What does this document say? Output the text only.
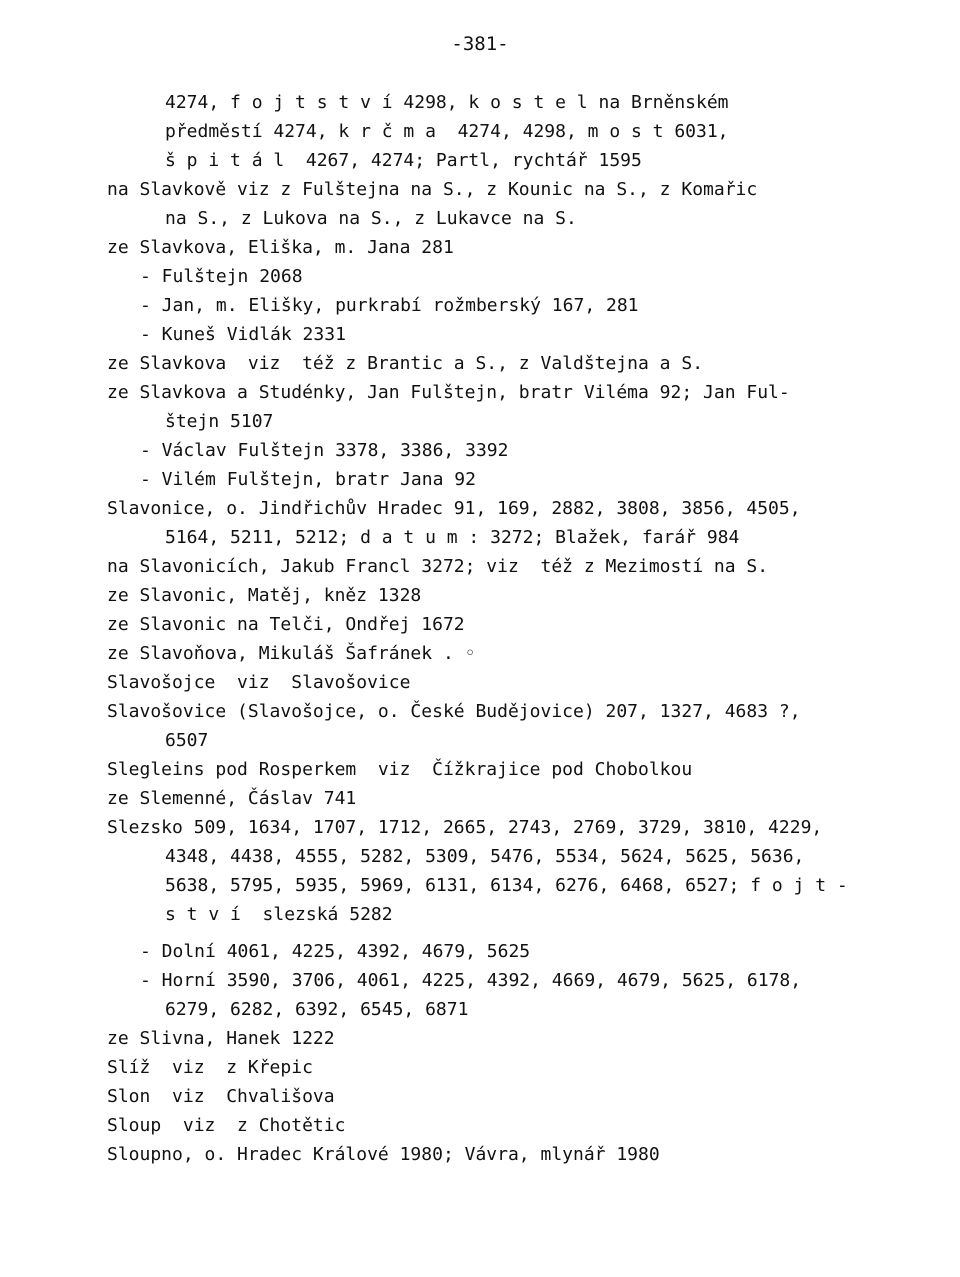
-381-
4274, f o j t s t v í 4298, k o s t e l na Brněnském
předměstí 4274, k r č m a  4274, 4298, m o s t 6031,
š p i t á l  4267, 4274; Partl, rychtář 1595
na Slavkově viz z Fulštejna na S., z Kounic na S., z Komařic
na S., z Lukova na S., z Lukavce na S.
ze Slavkova, Eliška, m. Jana 281
- Fulštejn 2068
- Jan, m. Elišky, purkrabí rožmberský 167, 281
- Kuneš Vidlák 2331
ze Slavkova  viz  též z Brantic a S., z Valdštejna a S.
ze Slavkova a Studénky, Jan Fulštejn, bratr Viléma 92; Jan Ful-
štejn 5107
- Václav Fulštejn 3378, 3386, 3392
- Vilém Fulštejn, bratr Jana 92
Slavonice, o. Jindřichův Hradec 91, 169, 2882, 3808, 3856, 4505,
5164, 5211, 5212; d a t u m : 3272; Blažek, farář 984
na Slavonicích, Jakub Francl 3272; viz  též z Mezimostí na S.
ze Slavonic, Matěj, kněz 1328
ze Slavonic na Telči, Ondřej 1672
ze Slavoňova, Mikuláš Šafránek . ◦
Slavošojce  viz  Slavošovice
Slavošovice (Slavošojce, o. České Budějovice) 207, 1327, 4683 ?,
6507
Slegleins pod Rosperkem  viz  Čížkrajice pod Chobolkou
ze Slemenné, Čáslav 741
Slezsko 509, 1634, 1707, 1712, 2665, 2743, 2769, 3729, 3810, 4229,
4348, 4438, 4555, 5282, 5309, 5476, 5534, 5624, 5625, 5636,
5638, 5795, 5935, 5969, 6131, 6134, 6276, 6468, 6527; f o j t -
s t v í  slezská 5282
- Dolní 4061, 4225, 4392, 4679, 5625
- Horní 3590, 3706, 4061, 4225, 4392, 4669, 4679, 5625, 6178,
6279, 6282, 6392, 6545, 6871
ze Slivna, Hanek 1222
Slíž  viz  z Křepic
Slon  viz  Chvališova
Sloup  viz  z Chotětic
Sloupno, o. Hradec Králové 1980; Vávra, mlynář 1980
